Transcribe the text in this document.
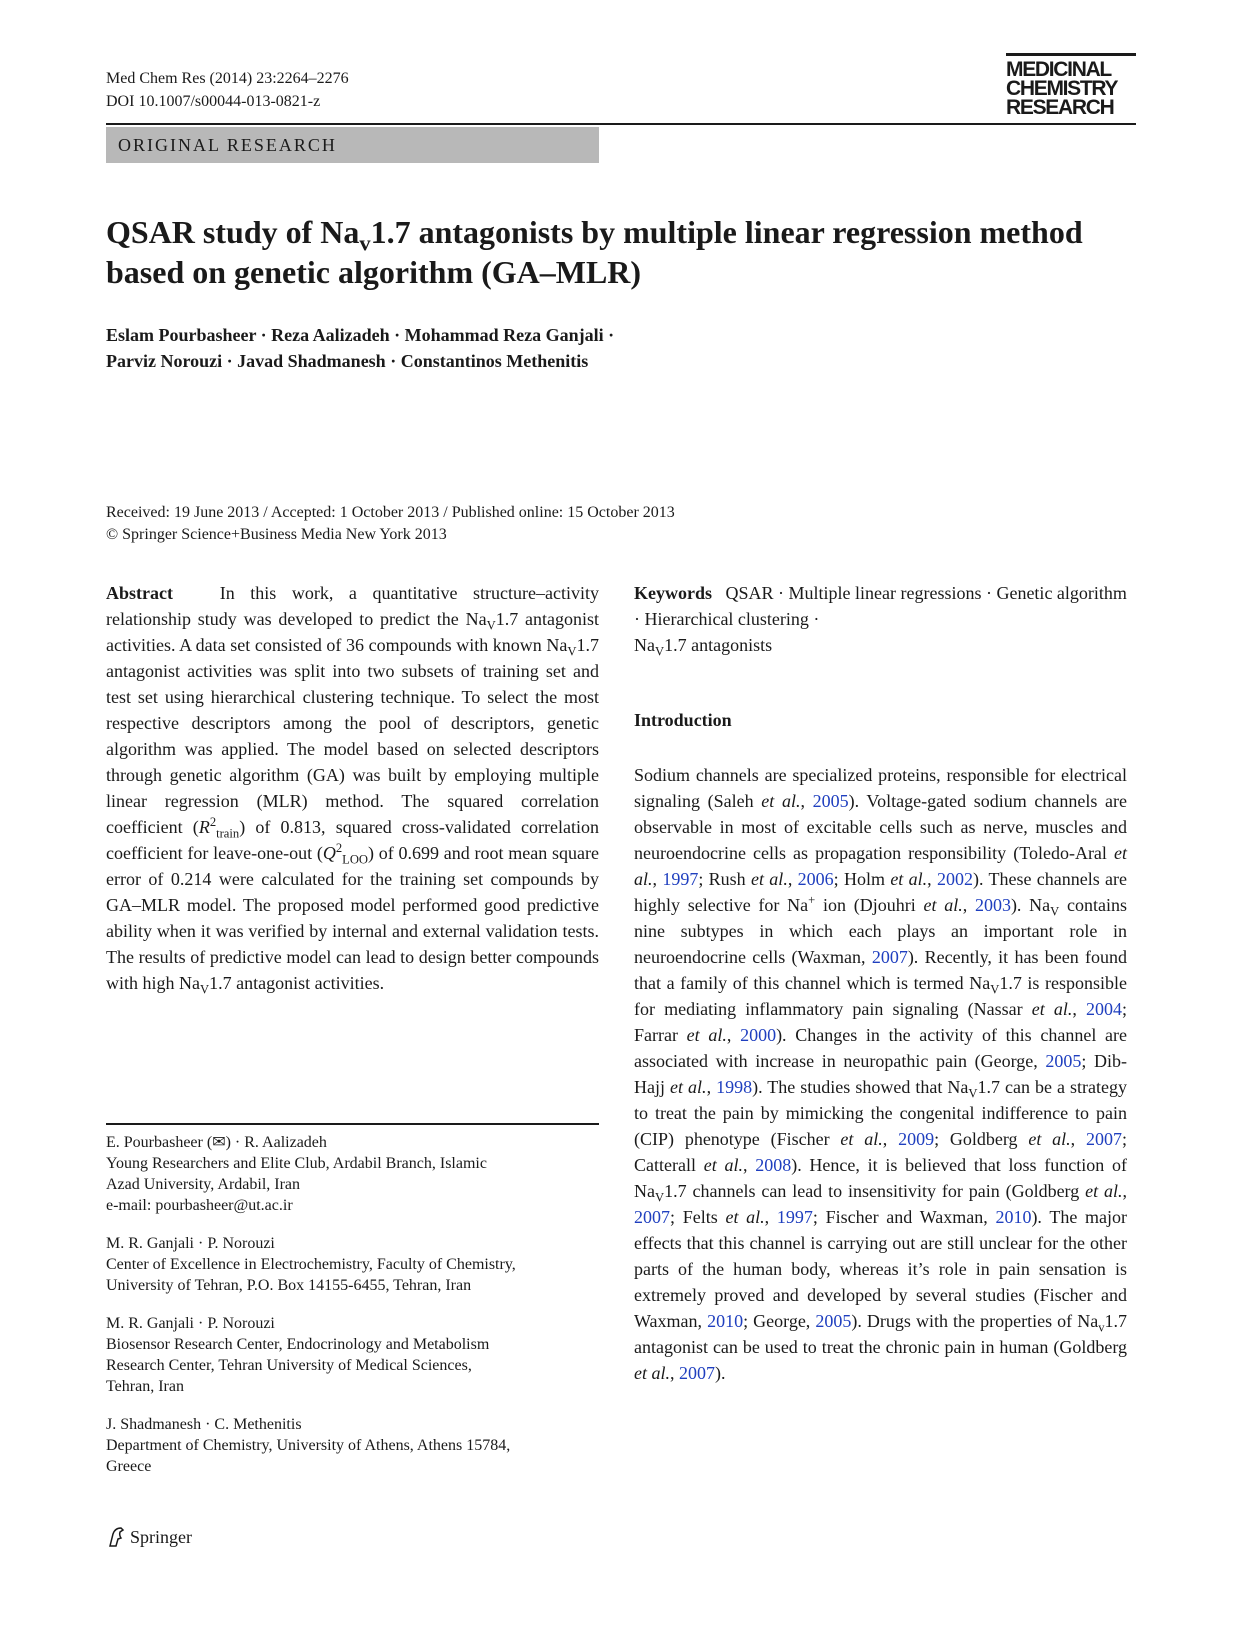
Med Chem Res (2014) 23:2264–2276
DOI 10.1007/s00044-013-0821-z
MEDICINAL
CHEMISTRY
RESEARCH
ORIGINAL RESEARCH
QSAR study of $Na_v1.7$ antagonists by multiple linear regression method based on genetic algorithm (GA–MLR)
Eslam Pourbasheer · Reza Aalizadeh · Mohammad Reza Ganjali ·
Parviz Norouzi · Javad Shadmanesh · Constantinos Methenitis
Received: 19 June 2013 / Accepted: 1 October 2013 / Published online: 15 October 2013
© Springer Science+Business Media New York 2013
Abstract	In this work, a quantitative structure–activity relationship study was developed to predict the $Na_V1.7$ antagonist activities. A data set consisted of 36 compounds with known $Na_V1.7$ antagonist activities was split into two subsets of training set and test set using hierarchical clustering technique. To select the most respective descriptors among the pool of descriptors, genetic algorithm was applied. The model based on selected descriptors through genetic algorithm (GA) was built by employing multiple linear regression (MLR) method. The squared correlation coefficient $(R^2_{train})$ of 0.813, squared cross-validated correlation coefficient for leave-one-out $(Q^2_{LOO})$ of 0.699 and root mean square error of 0.214 were calculated for the training set compounds by GA–MLR model. The proposed model performed good predictive ability when it was verified by internal and external validation tests. The results of predictive model can lead to design better compounds with high $Na_V1.7$ antagonist activities.
Keywords QSAR · Multiple linear regressions · Genetic algorithm · Hierarchical clustering ·
$Na_V1.7$ antagonists
Introduction
Sodium channels are specialized proteins, responsible for electrical signaling (Saleh et al., 2005). Voltage-gated sodium channels are observable in most of excitable cells such as nerve, muscles and neuroendocrine cells as propagation responsibility (Toledo-Aral et al., 1997; Rush et al., 2006; Holm et al., 2002). These channels are highly selective for Na+ ion (Djouhri et al., 2003). $Na_V$ contains nine subtypes in which each plays an important role in neuroendocrine cells (Waxman, 2007). Recently, it has been found that a family of this channel which is termed $Na_V1.7$ is responsible for mediating inflammatory pain signaling (Nassar et al., 2004; Farrar et al., 2000). Changes in the activity of this channel are associated with increase in neuropathic pain (George, 2005; Dib-Hajj et al., 1998). The studies showed that $Na_V1.7$ can be a strategy to treat the pain by mimicking the congenital indifference to pain (CIP) phenotype (Fischer et al., 2009; Goldberg et al., 2007; Catterall et al., 2008). Hence, it is believed that loss function of $Na_V1.7$ channels can lead to insensitivity for pain (Goldberg et al., 2007; Felts et al., 1997; Fischer and Waxman, 2010). The major effects that this channel is carrying out are still unclear for the other parts of the human body, whereas it’s role in pain sensation is extremely proved and developed by several studies (Fischer and Waxman, 2010; George, 2005). Drugs with the properties of $Na_v1.7$ antagonist can be used to treat the chronic pain in human (Goldberg et al., 2007).
E. Pourbasheer (✉) · R. Aalizadeh
Young Researchers and Elite Club, Ardabil Branch, Islamic
Azad University, Ardabil, Iran
e-mail: pourbasheer@ut.ac.ir
M. R. Ganjali · P. Norouzi
Center of Excellence in Electrochemistry, Faculty of Chemistry,
University of Tehran, P.O. Box 14155-6455, Tehran, Iran
M. R. Ganjali · P. Norouzi
Biosensor Research Center, Endocrinology and Metabolism
Research Center, Tehran University of Medical Sciences,
Tehran, Iran
J. Shadmanesh · C. Methenitis
Department of Chemistry, University of Athens, Athens 15784,
Greece
Springer
